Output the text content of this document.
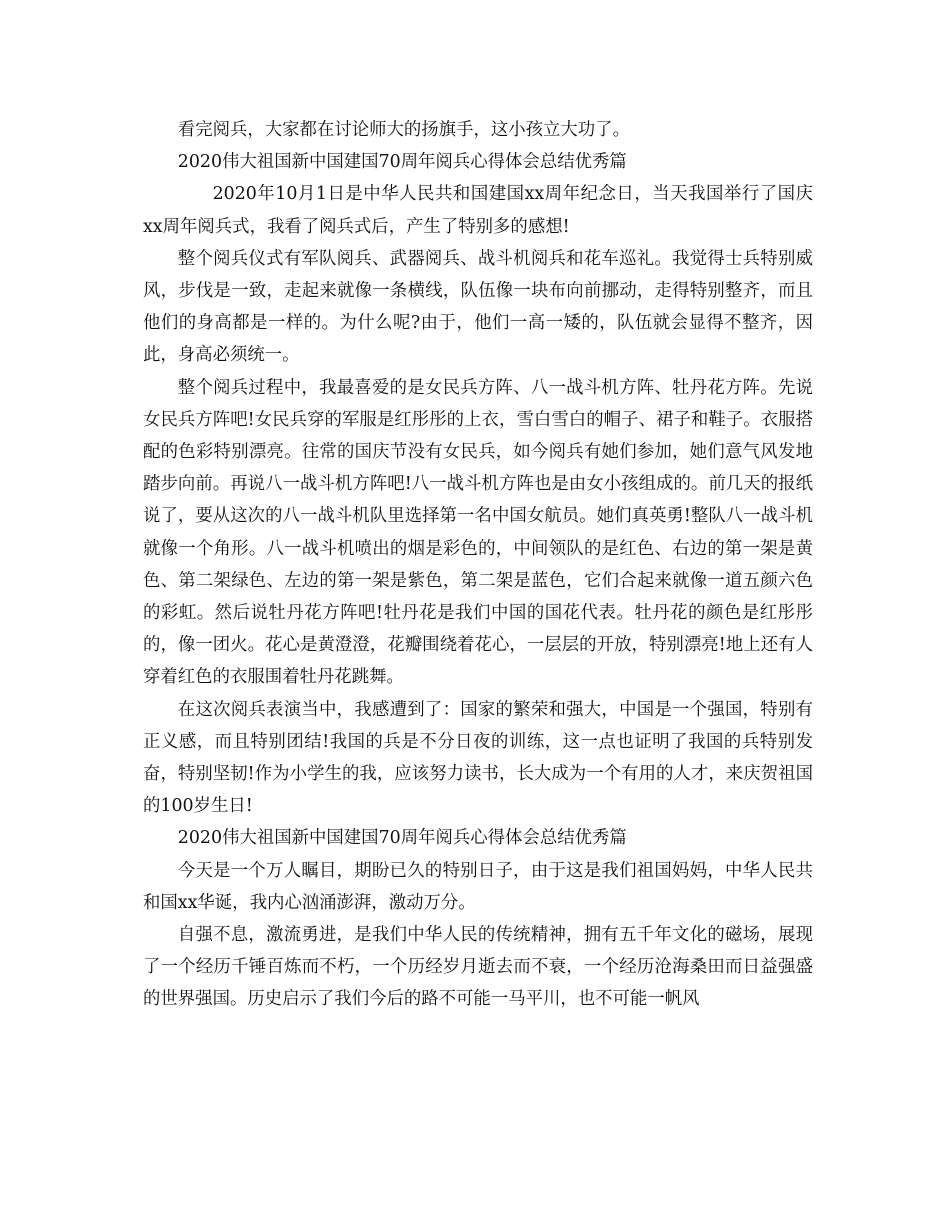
看完阅兵，大家都在讨论师大的扬旗手，这小孩立大功了。

2020伟大祖国新中国建国70周年阅兵心得体会总结优秀篇

2020年10月1日是中华人民共和国建国xx周年纪念日，当天我国举行了国庆xx周年阅兵式，我看了阅兵式后，产生了特别多的感想!

整个阅兵仪式有军队阅兵、武器阅兵、战斗机阅兵和花车巡礼。我觉得士兵特别威风，步伐是一致，走起来就像一条横线，队伍像一块布向前挪动，走得特别整齐，而且他们的身高都是一样的。为什么呢?由于，他们一高一矮的，队伍就会显得不整齐，因此，身高必须统一。

整个阅兵过程中，我最喜爱的是女民兵方阵、八一战斗机方阵、牡丹花方阵。先说女民兵方阵吧!女民兵穿的军服是红彤彤的上衣，雪白雪白的帽子、裙子和鞋子。衣服搭配的色彩特别漂亮。往常的国庆节没有女民兵，如今阅兵有她们参加，她们意气风发地踏步向前。再说八一战斗机方阵吧!八一战斗机方阵也是由女小孩组成的。前几天的报纸说了，要从这次的八一战斗机队里选择第一名中国女航员。她们真英勇!整队八一战斗机就像一个角形。八一战斗机喷出的烟是彩色的，中间领队的是红色、右边的第一架是黄色、第二架绿色、左边的第一架是紫色，第二架是蓝色，它们合起来就像一道五颜六色的彩虹。然后说牡丹花方阵吧!牡丹花是我们中国的国花代表。牡丹花的颜色是红彤彤的，像一团火。花心是黄澄澄，花瓣围绕着花心，一层层的开放，特别漂亮!地上还有人穿着红色的衣服围着牡丹花跳舞。

在这次阅兵表演当中，我感遭到了：国家的繁荣和强大，中国是一个强国，特别有正义感，而且特别团结!我国的兵是不分日夜的训练，这一点也证明了我国的兵特别发奋，特别坚韧!作为小学生的我，应该努力读书，长大成为一个有用的人才，来庆贺祖国的100岁生日!

2020伟大祖国新中国建国70周年阅兵心得体会总结优秀篇

今天是一个万人瞩目，期盼已久的特别日子，由于这是我们祖国妈妈，中华人民共和国xx华诞，我内心汹涌澎湃，激动万分。

自强不息，激流勇进，是我们中华人民的传统精神，拥有五千年文化的磁场，展现了一个经历千锤百炼而不朽，一个历经岁月逝去而不衰，一个经历沧海桑田而日益强盛的世界强国。历史启示了我们今后的路不可能一马平川，也不可能一帆风
